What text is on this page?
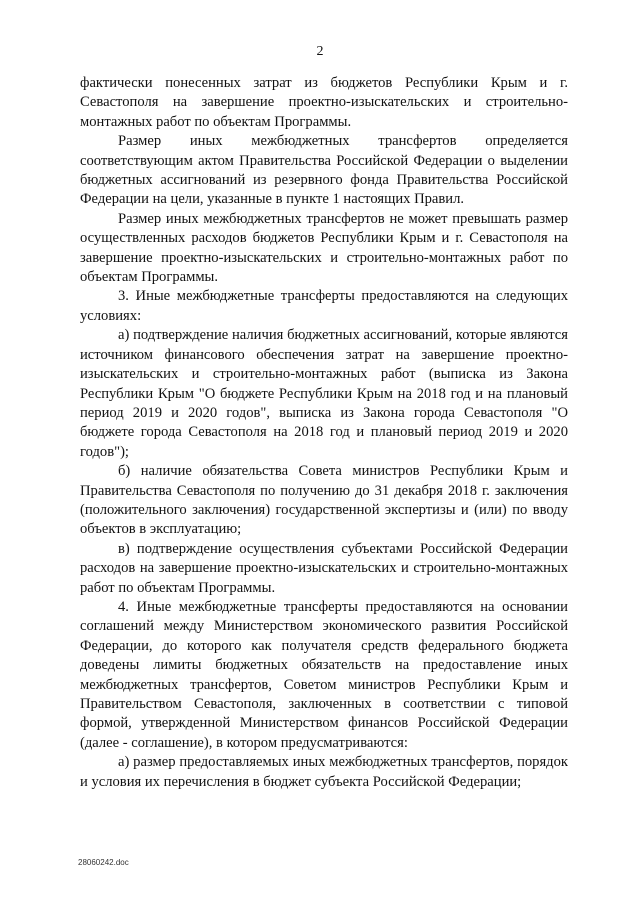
2

фактически понесенных затрат из бюджетов Республики Крым и г. Севастополя на завершение проектно-изыскательских и строительно-монтажных работ по объектам Программы.

Размер иных межбюджетных трансфертов определяется соответствующим актом Правительства Российской Федерации о выделении бюджетных ассигнований из резервного фонда Правительства Российской Федерации на цели, указанные в пункте 1 настоящих Правил.

Размер иных межбюджетных трансфертов не может превышать размер осуществленных расходов бюджетов Республики Крым и г. Севастополя на завершение проектно-изыскательских и строительно-монтажных работ по объектам Программы.

3. Иные межбюджетные трансферты предоставляются на следующих условиях:

а) подтверждение наличия бюджетных ассигнований, которые являются источником финансового обеспечения затрат на завершение проектно-изыскательских и строительно-монтажных работ (выписка из Закона Республики Крым "О бюджете Республики Крым на 2018 год и на плановый период 2019 и 2020 годов", выписка из Закона города Севастополя "О бюджете города Севастополя на 2018 год и плановый период 2019 и 2020 годов");

б) наличие обязательства Совета министров Республики Крым и Правительства Севастополя по получению до 31 декабря 2018 г. заключения (положительного заключения) государственной экспертизы и (или) по вводу объектов в эксплуатацию;

в) подтверждение осуществления субъектами Российской Федерации расходов на завершение проектно-изыскательских и строительно-монтажных работ по объектам Программы.

4. Иные межбюджетные трансферты предоставляются на основании соглашений между Министерством экономического развития Российской Федерации, до которого как получателя средств федерального бюджета доведены лимиты бюджетных обязательств на предоставление иных межбюджетных трансфертов, Советом министров Республики Крым и Правительством Севастополя, заключенных в соответствии с типовой формой, утвержденной Министерством финансов Российской Федерации (далее - соглашение), в котором предусматриваются:

а) размер предоставляемых иных межбюджетных трансфертов, порядок и условия их перечисления в бюджет субъекта Российской Федерации;

28060242.doc
